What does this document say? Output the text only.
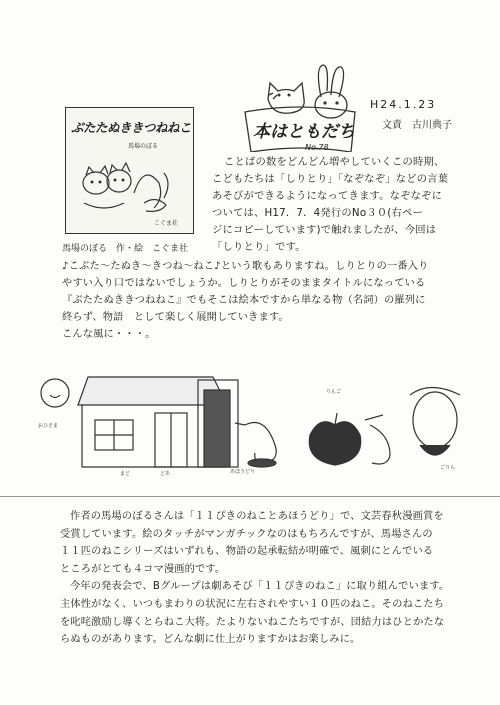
ぶたたぬききつねねこ
馬場のぼる
こぐま社
本はともだち
No.78
H24.1.23
文責　古川典子
ことばの数をどんどん増やしていくこの時期、
こどもたちは「しりとり」「なぞなぞ」などの言葉
あそびができるようになってきます。なぞなぞに
ついては、H17．7．4発行のNo３０(右ペー
ジにコピーしています)で触れましたが、今回は
「しりとり」です。
馬場のぼる　作・絵　こぐま社
♪こぶた～たぬき～きつね～ねこ♪という歌もありますね。しりとりの一番入り
やすい入り口ではないでしょうか。しりとりがそのままタイトルになっている
『ぶたたぬききつねねこ』でもそこは絵本ですから単なる物（名詞）の羅列に
終らず、物語　として楽しく展開していきます。
こんな風に・・・。
おひさま
まど	どあ	あほうどり
りんご
ごりら
作者の馬場のぼるさんは「１１ぴきのねことあほうどり」で、文芸春秋漫画賞を
受賞しています。絵のタッチがマンガチックなのはもちろんですが、馬場さんの
１１匹のねこシリーズはいずれも、物語の起承転結が明確で、風刺にとんでいる
ところがとても４コマ漫画的です。
今年の発表会で、Bグループは劇あそび「１１ぴきのねこ」に取り組んでいます。
主体性がなく、いつもまわりの状況に左右されやすい１０匹のねこ。そのねこたち
を叱咤激励し導くとらねこ大将。たよりないねこたちですが、団結力はひとかたな
らぬものがあります。どんな劇に仕上がりますかはお楽しみに。
